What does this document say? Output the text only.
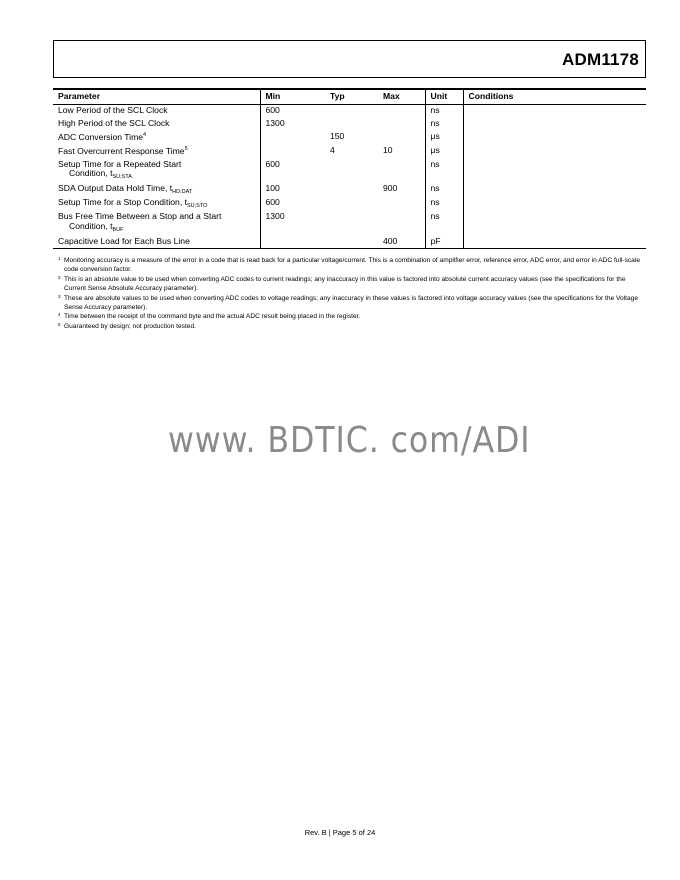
ADM1178
Parameter	Min	Typ	Max	Unit	Conditions
Low Period of the SCL Clock	600			ns	
High Period of the SCL Clock	1300			ns	
ADC Conversion Time$^4$		150		μs	
Fast Overcurrent Response Time$^5$		4	10	μs	
Setup Time for a Repeated Start
Condition, $t_{SU;STA}$	600			ns	
SDA Output Data Hold Time, $t_{HD;DAT}$	100		900	ns	
Setup Time for a Stop Condition, $t_{SU;STO}$	600			ns	
Bus Free Time Between a Stop and a Start
Condition, $t_{BUF}$	1300			ns	
Capacitive Load for Each Bus Line			400	pF	
1 Monitoring accuracy is a measure of the error in a code that is read back for a particular voltage/current. This is a combination of amplifier error, reference error, ADC error, and error in ADC full-scale code conversion factor.
2 This is an absolute value to be used when converting ADC codes to current readings; any inaccuracy in this value is factored into absolute current accuracy values (see the specifications for the Current Sense Absolute Accuracy parameter).
3 These are absolute values to be used when converting ADC codes to voltage readings; any inaccuracy in these values is factored into voltage accuracy values (see the specifications for the Voltage Sense Accuracy parameter).
4 Time between the receipt of the command byte and the actual ADC result being placed in the register.
5 Guaranteed by design; not production tested.
www. BDTIC. com/ADI
Rev. B | Page 5 of 24
